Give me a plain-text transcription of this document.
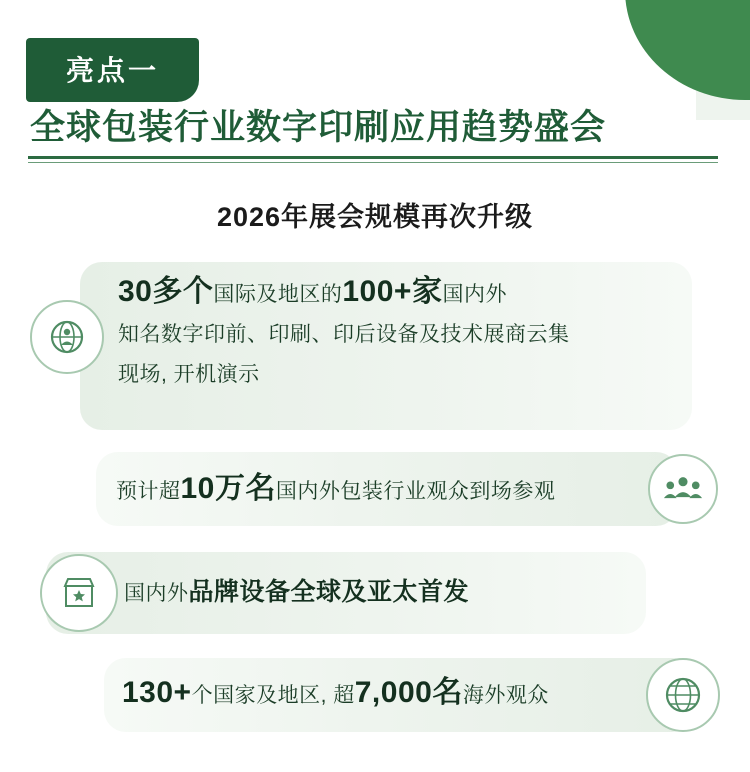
亮点一
全球包装行业数字印刷应用趋势盛会
2026年展会规模再次升级
30多个国际及地区的100+家国内外
知名数字印前、印刷、印后设备及技术展商云集
现场, 开机演示
预计超10万名国内外包装行业观众到场参观
国内外品牌设备全球及亚太首发
130+个国家及地区, 超7,000名海外观众
